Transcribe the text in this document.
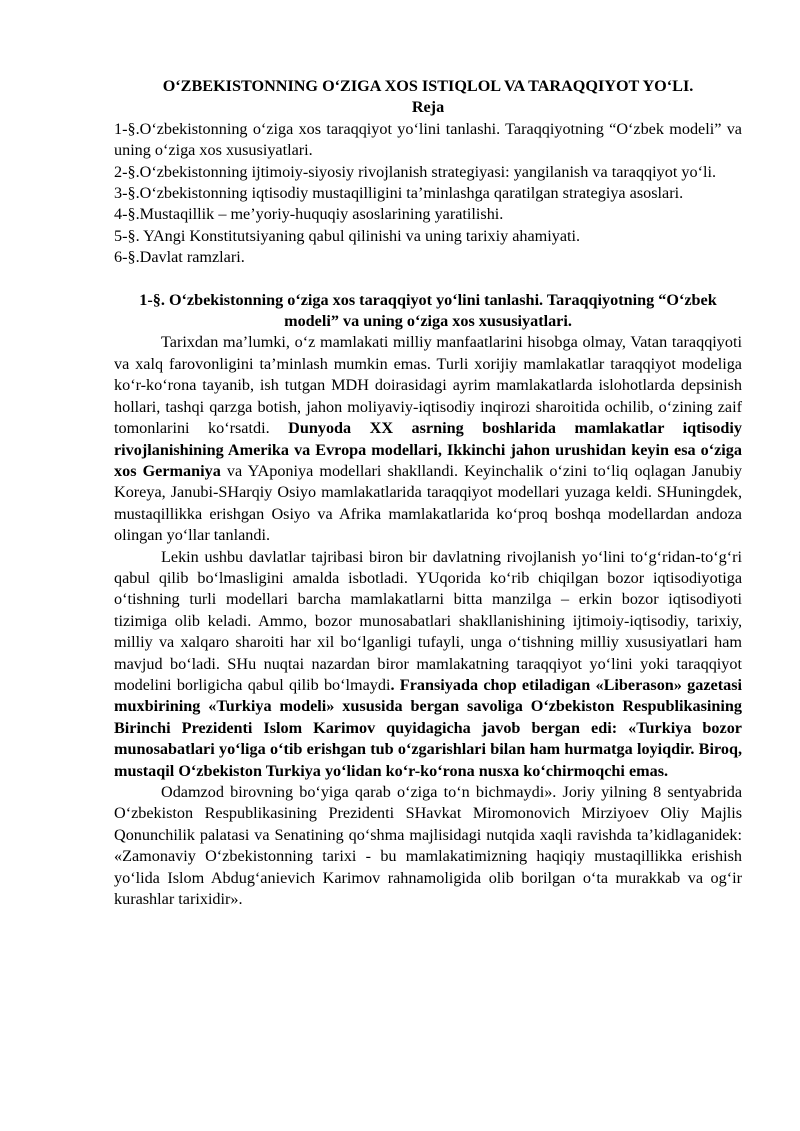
O‘ZBEKISTONNING O‘ZIGA XOS ISTIQLOL VA TARAQQIYOT YO‘LI.

Reja

1-§.O‘zbekistonning o‘ziga xos taraqqiyot yo‘lini tanlashi. Taraqqiyotning “O‘zbek modeli” va uning o‘ziga xos xususiyatlari.

2-§.O‘zbekistonning ijtimoiy-siyosiy rivojlanish strategiyasi: yangilanish va taraqqiyot yo‘li.

3-§.O‘zbekistonning iqtisodiy mustaqilligini ta’minlashga qaratilgan strategiya asoslari.

4-§.Mustaqillik – me’yoriy-huquqiy asoslarining yaratilishi.

5-§. YAngi Konstitutsiyaning qabul qilinishi va uning tarixiy ahamiyati.

6-§.Davlat ramzlari.

1-§. O‘zbekistonning o‘ziga xos taraqqiyot yo‘lini tanlashi. Taraqqiyotning “O‘zbek modeli” va uning o‘ziga xos xususiyatlari.

Tarixdan ma’lumki, o‘z mamlakati milliy manfaatlarini hisobga olmay, Vatan taraqqiyoti va xalq farovonligini ta’minlash mumkin emas. Turli xorijiy mamlakatlar taraqqiyot modeliga ko‘r-ko‘rona tayanib, ish tutgan MDH doirasidagi ayrim mamlakatlarda islohotlarda depsinish hollari, tashqi qarzga botish, jahon moliyaviy-iqtisodiy inqirozi sharoitida ochilib, o‘zining zaif tomonlarini ko‘rsatdi. Dunyoda XX asrning boshlarida mamlakatlar iqtisodiy rivojlanishining Amerika va Evropa modellari, Ikkinchi jahon urushidan keyin esa o‘ziga xos Germaniya va YAponiya modellari shakllandi. Keyinchalik o‘zini to‘liq oqlagan Janubiy Koreya, Janubi-SHarqiy Osiyo mamlakatlarida taraqqiyot modellari yuzaga keldi. SHuningdek, mustaqillikka erishgan Osiyo va Afrika mamlakatlarida ko‘proq boshqa modellardan andoza olingan yo‘llar tanlandi.

Lekin ushbu davlatlar tajribasi biron bir davlatning rivojlanish yo‘lini to‘g‘ridan-to‘g‘ri qabul qilib bo‘lmasligini amalda isbotladi. YUqorida ko‘rib chiqilgan bozor iqtisodiyotiga o‘tishning turli modellari barcha mamlakatlarni bitta manzilga – erkin bozor iqtisodiyoti tizimiga olib keladi. Ammo, bozor munosabatlari shakllanishining ijtimoiy-iqtisodiy, tarixiy, milliy va xalqaro sharoiti har xil bo‘lganligi tufayli, unga o‘tishning milliy xususiyatlari ham mavjud bo‘ladi. SHu nuqtai nazardan biror mamlakatning taraqqiyot yo‘lini yoki taraqqiyot modelini borligicha qabul qilib bo‘lmaydi. Fransiyada chop etiladigan «Liberason» gazetasi muxbirining «Turkiya modeli» xususida bergan savoliga O‘zbekiston Respublikasining Birinchi Prezidenti Islom Karimov quyidagicha javob bergan edi: «Turkiya bozor munosabatlari yo‘liga o‘tib erishgan tub o‘zgarishlari bilan ham hurmatga loyiqdir. Biroq, mustaqil O‘zbekiston Turkiya yo‘lidan ko‘r-ko‘rona nusxa ko‘chirmoqchi emas.

Odamzod birovning bo‘yiga qarab o‘ziga to‘n bichmaydi». Joriy yilning 8 sentyabrida O‘zbekiston Respublikasining Prezidenti SHavkat Miromonovich Mirziyoev Oliy Majlis Qonunchilik palatasi va Senatining qo‘shma majlisidagi nutqida xaqli ravishda ta’kidlaganidek: «Zamonaviy O‘zbekistonning tarixi - bu mamlakatimizning haqiqiy mustaqillikka erishish yo‘lida Islom Abdug‘anievich Karimov rahnamoligida olib borilgan o‘ta murakkab va og‘ir kurashlar tarixidir».
